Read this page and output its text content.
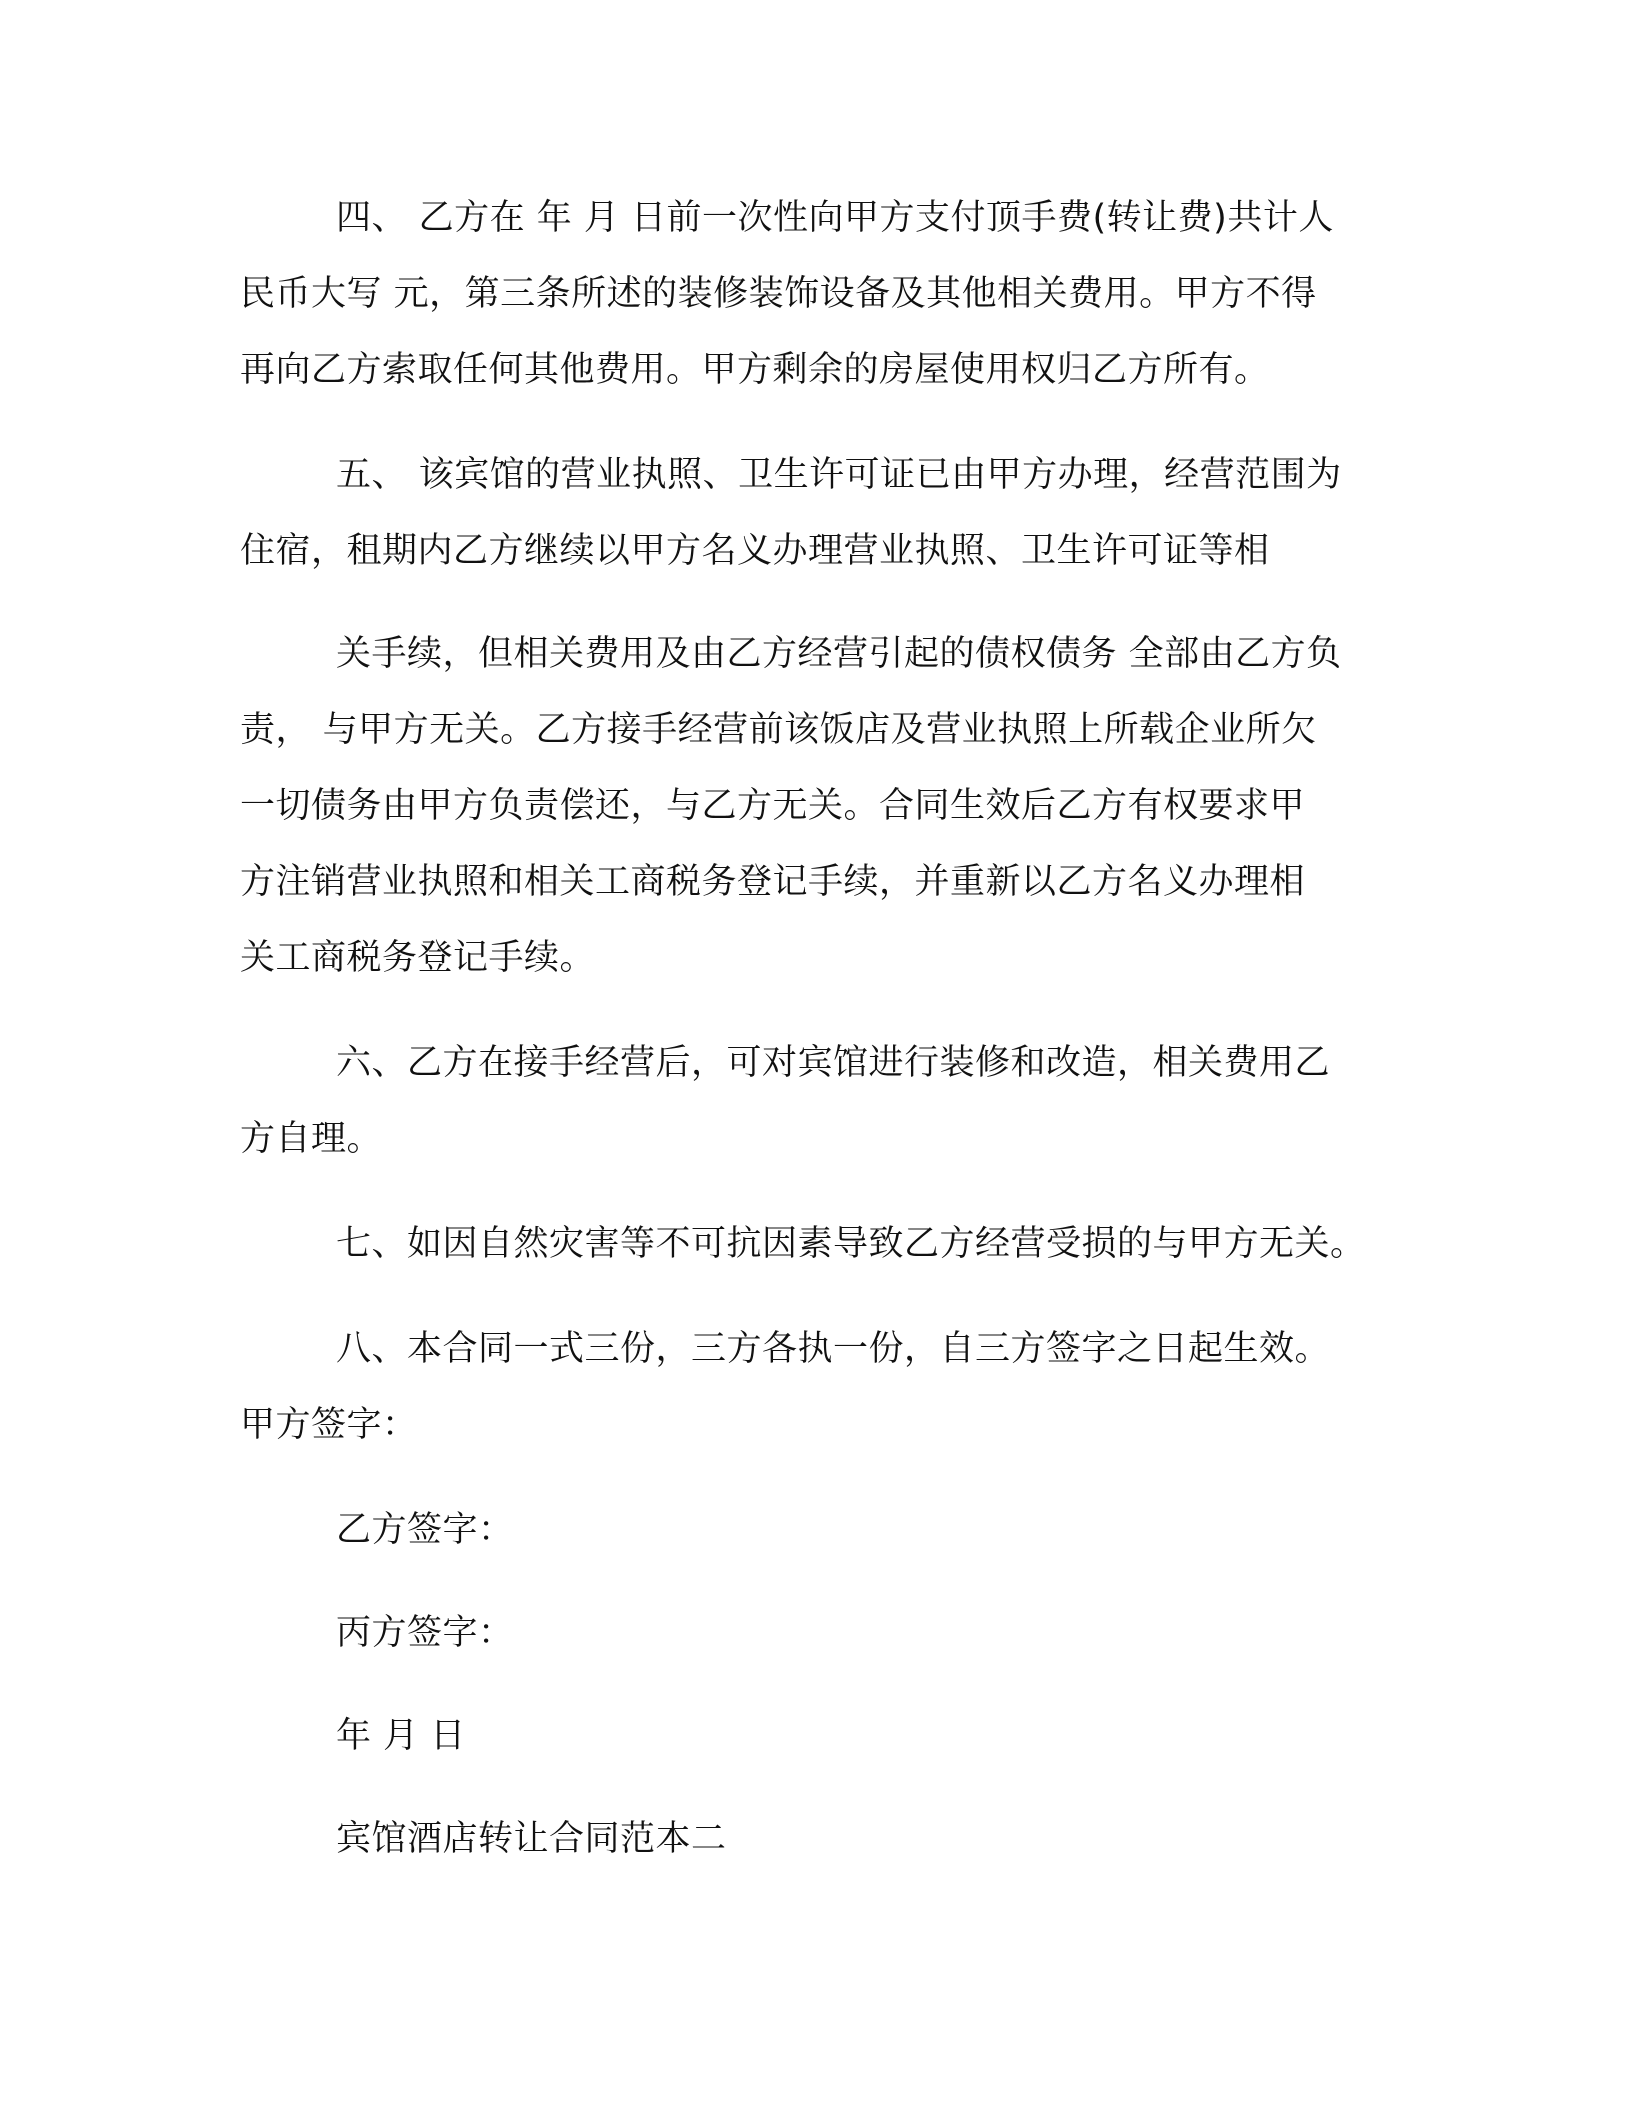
四、 乙方在 年 月 日前一次性向甲方支付顶手费(转让费)共计人
民币大写 元，第三条所述的装修装饰设备及其他相关费用。甲方不得
再向乙方索取任何其他费用。甲方剩余的房屋使用权归乙方所有。
五、 该宾馆的营业执照、卫生许可证已由甲方办理，经营范围为
住宿，租期内乙方继续以甲方名义办理营业执照、卫生许可证等相
关手续，但相关费用及由乙方经营引起的债权债务 全部由乙方负
责， 与甲方无关。乙方接手经营前该饭店及营业执照上所载企业所欠
一切债务由甲方负责偿还，与乙方无关。合同生效后乙方有权要求甲
方注销营业执照和相关工商税务登记手续，并重新以乙方名义办理相
关工商税务登记手续。
六、乙方在接手经营后，可对宾馆进行装修和改造，相关费用乙
方自理。
七、如因自然灾害等不可抗因素导致乙方经营受损的与甲方无关。
八、本合同一式三份，三方各执一份，自三方签字之日起生效。
甲方签字：
乙方签字：
丙方签字：
年 月 日
宾馆酒店转让合同范本二
